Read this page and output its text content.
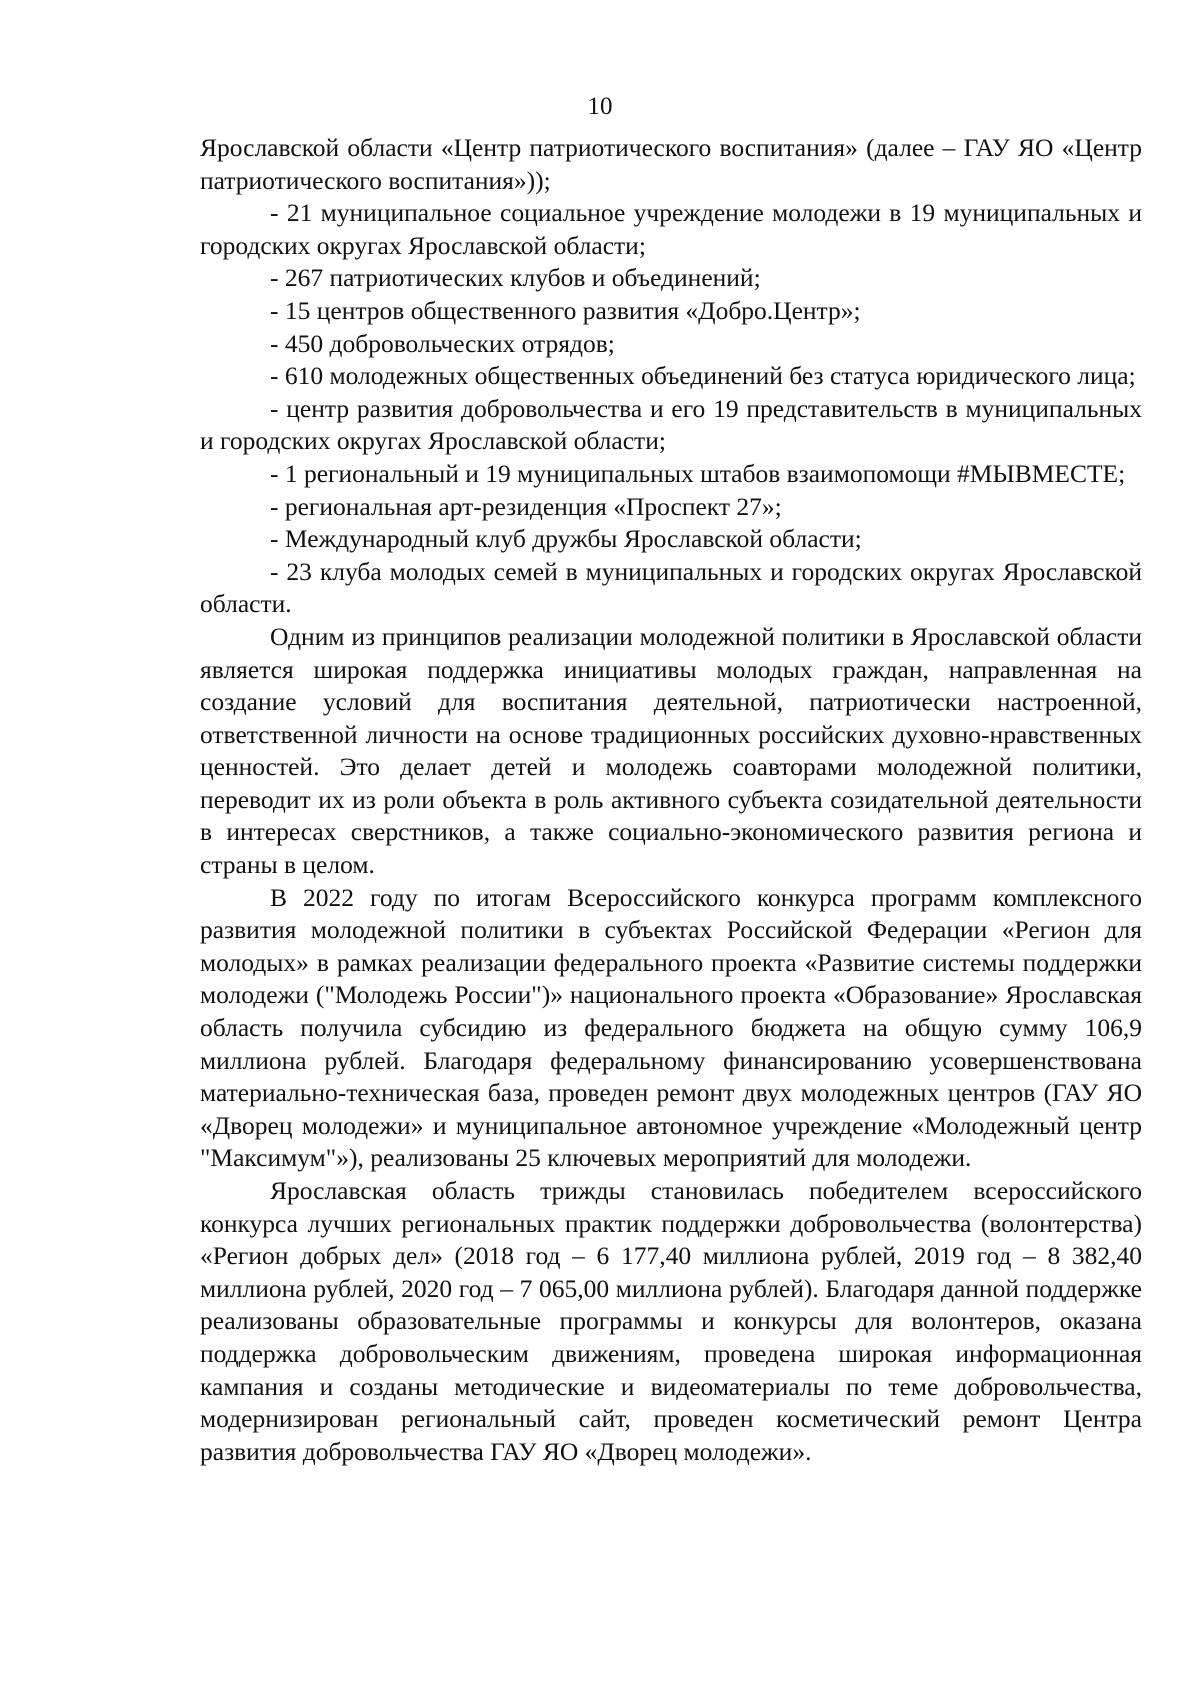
10

Ярославской области «Центр патриотического воспитания» (далее – ГАУ ЯО «Центр патриотического воспитания»));

- 21 муниципальное социальное учреждение молодежи в 19 муниципальных и городских округах Ярославской области;

- 267 патриотических клубов и объединений;

- 15 центров общественного развития «Добро.Центр»;

- 450 добровольческих отрядов;

- 610 молодежных общественных объединений без статуса юридического лица;

- центр развития добровольчества и его 19 представительств в муниципальных и городских округах Ярославской области;

- 1 региональный и 19 муниципальных штабов взаимопомощи #МЫВМЕСТЕ;

- региональная арт-резиденция «Проспект 27»;

- Международный клуб дружбы Ярославской области;

- 23 клуба молодых семей в муниципальных и городских округах Ярославской области.

Одним из принципов реализации молодежной политики в Ярославской области является широкая поддержка инициативы молодых граждан, направленная на создание условий для воспитания деятельной, патриотически настроенной, ответственной личности на основе традиционных российских духовно-нравственных ценностей. Это делает детей и молодежь соавторами молодежной политики, переводит их из роли объекта в роль активного субъекта созидательной деятельности в интересах сверстников, а также социально-экономического развития региона и страны в целом.

В 2022 году по итогам Всероссийского конкурса программ комплексного развития молодежной политики в субъектах Российской Федерации «Регион для молодых» в рамках реализации федерального проекта «Развитие системы поддержки молодежи ("Молодежь России")» национального проекта «Образование» Ярославская область получила субсидию из федерального бюджета на общую сумму 106,9 миллиона рублей. Благодаря федеральному финансированию усовершенствована материально-техническая база, проведен ремонт двух молодежных центров (ГАУ ЯО «Дворец молодежи» и муниципальное автономное учреждение «Молодежный центр "Максимум"»), реализованы 25 ключевых мероприятий для молодежи.

Ярославская область трижды становилась победителем всероссийского конкурса лучших региональных практик поддержки добровольчества (волонтерства) «Регион добрых дел» (2018 год – 6 177,40 миллиона рублей, 2019 год – 8 382,40 миллиона рублей, 2020 год – 7 065,00 миллиона рублей). Благодаря данной поддержке реализованы образовательные программы и конкурсы для волонтеров, оказана поддержка добровольческим движениям, проведена широкая информационная кампания и созданы методические и видеоматериалы по теме добровольчества, модернизирован региональный сайт, проведен косметический ремонт Центра развития добровольчества ГАУ ЯО «Дворец молодежи».
